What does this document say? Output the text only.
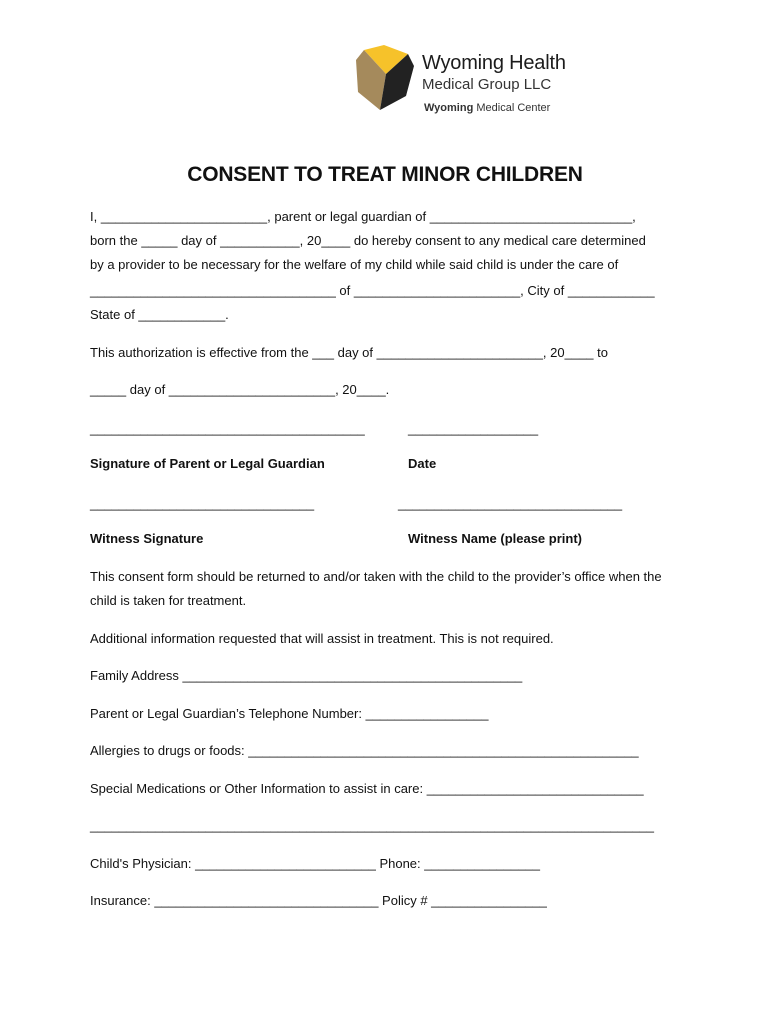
Wyoming Health
Medical Group LLC
Wyoming Medical Center
CONSENT TO TREAT MINOR CHILDREN
I, _______________________, parent or legal guardian of ____________________________,
born the _____ day of ___________, 20____ do hereby consent to any medical care determined
by a provider to be necessary for the welfare of my child while said child is under the care of
__________________________________ of _______________________, City of ____________
State of ____________.
This authorization is effective from the ___ day of _______________________, 20____ to
_____ day of _______________________, 20____.
______________________________________	__________________
Signature of Parent or Legal Guardian	Date
_______________________________	_______________________________
Witness Signature	Witness Name (please print)
This consent form should be returned to and/or taken with the child to the provider’s office when the
child is taken for treatment.
Additional information requested that will assist in treatment. This is not required.
Family Address _______________________________________________
Parent or Legal Guardian’s Telephone Number: _________________
Allergies to drugs or foods: ______________________________________________________
Special Medications or Other Information to assist in care: ______________________________
______________________________________________________________________________
Child's Physician: _________________________ Phone: ________________
Insurance: _______________________________ Policy # ________________
